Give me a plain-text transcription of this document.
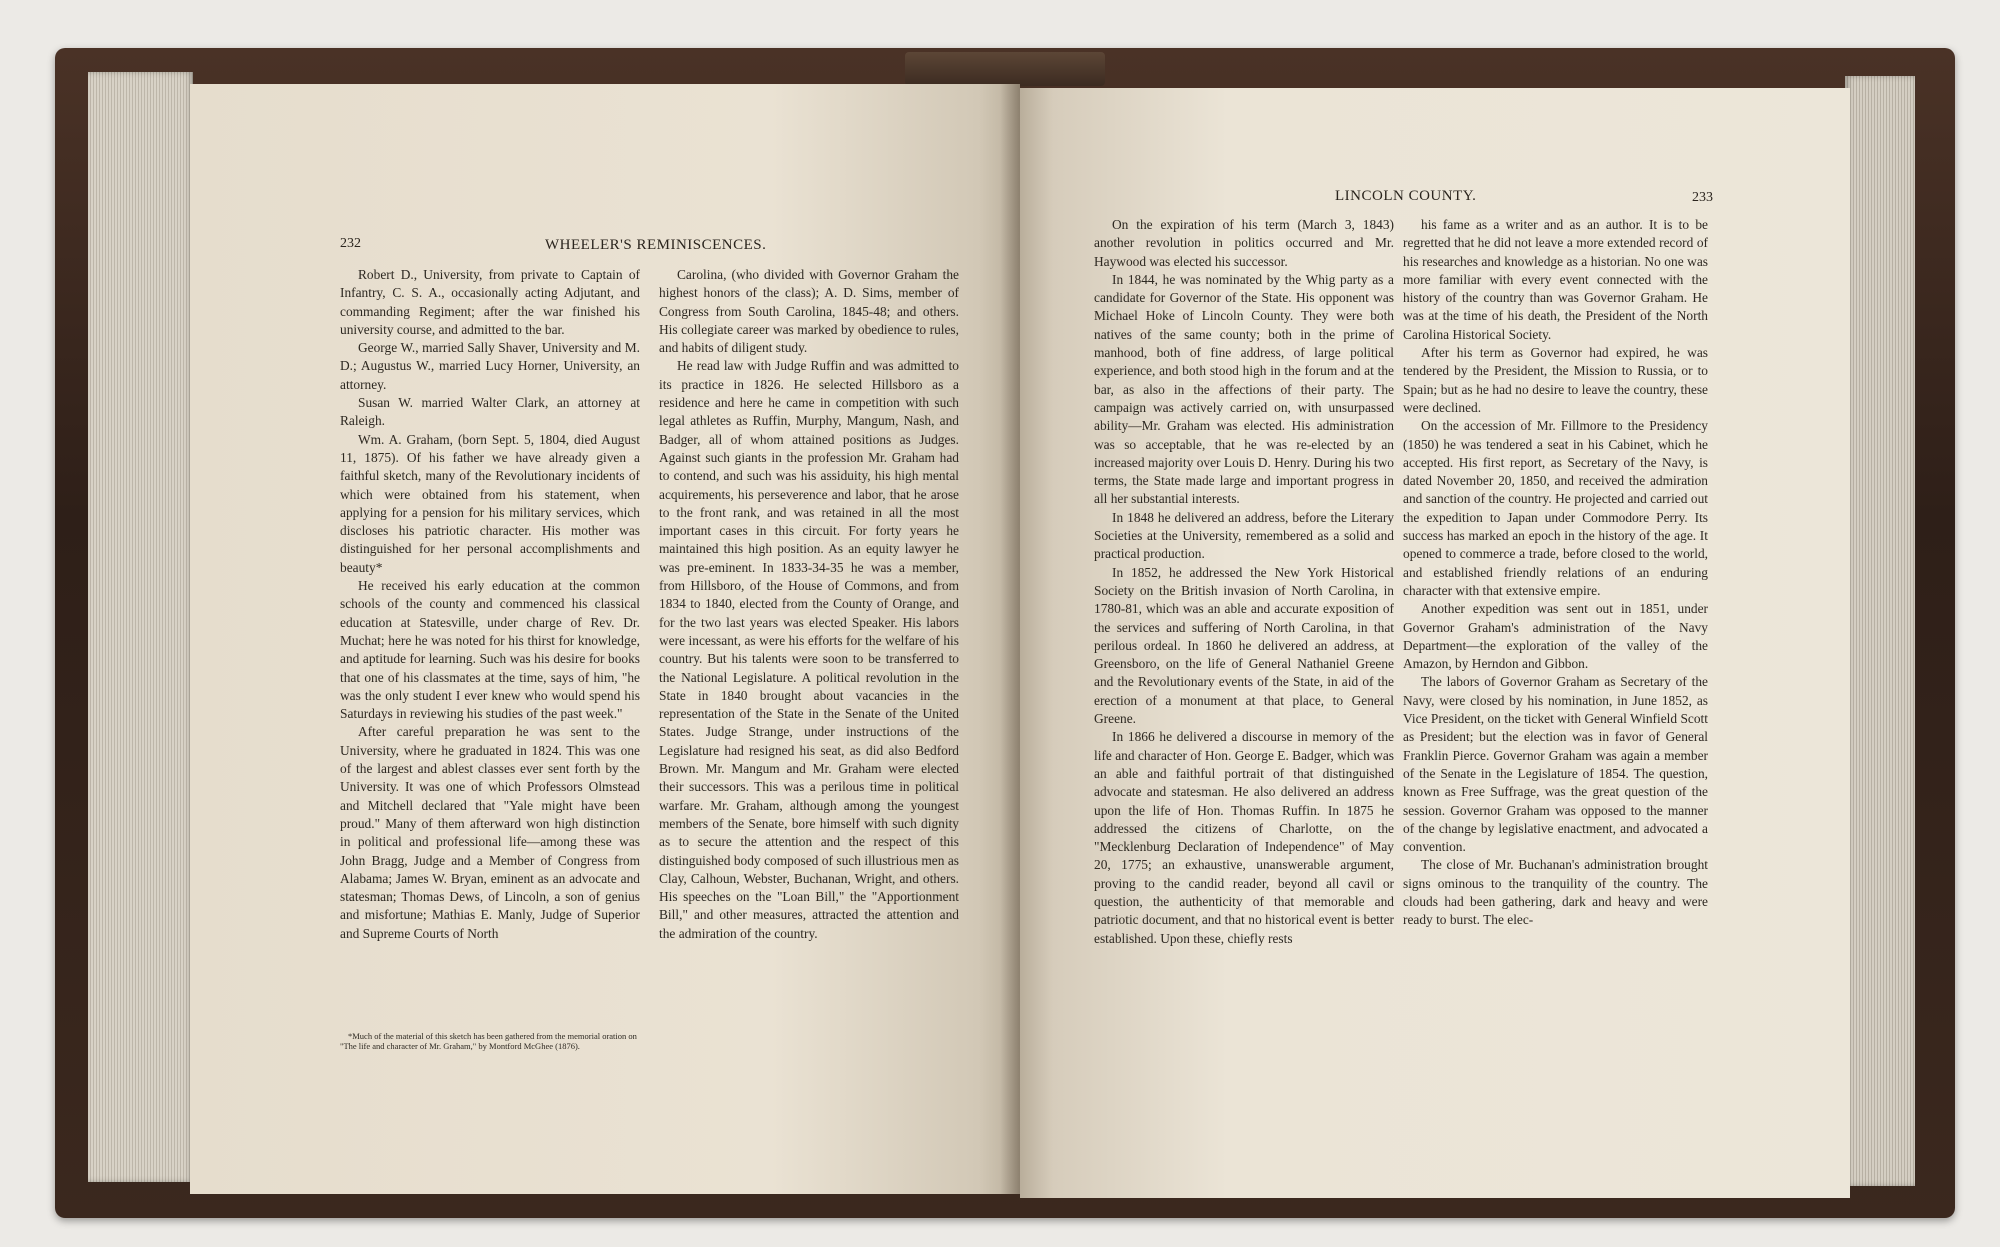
232	WHEELER'S REMINISCENCES.

Robert D., University, from private to Captain of Infantry, C. S. A., occasionally acting Adjutant, and commanding Regiment; after the war finished his university course, and admitted to the bar.

George W., married Sally Shaver, University and M. D.; Augustus W., married Lucy Horner, University, an attorney.

Susan W. married Walter Clark, an attorney at Raleigh.

Wm. A. Graham, (born Sept. 5, 1804, died August 11, 1875). Of his father we have already given a faithful sketch, many of the Revolutionary incidents of which were obtained from his statement, when applying for a pension for his military services, which discloses his patriotic character. His mother was distinguished for her personal accomplishments and beauty*

He received his early education at the common schools of the county and commenced his classical education at Statesville, under charge of Rev. Dr. Muchat; here he was noted for his thirst for knowledge, and aptitude for learning. Such was his desire for books that one of his classmates at the time, says of him, "he was the only student I ever knew who would spend his Saturdays in reviewing his studies of the past week."

After careful preparation he was sent to the University, where he graduated in 1824. This was one of the largest and ablest classes ever sent forth by the University. It was one of which Professors Olmstead and Mitchell declared that "Yale might have been proud." Many of them afterward won high distinction in political and professional life—among these was John Bragg, Judge and a Member of Congress from Alabama; James W. Bryan, eminent as an advocate and statesman; Thomas Dews, of Lincoln, a son of genius and misfortune; Mathias E. Manly, Judge of Superior and Supreme Courts of North

*Much of the material of this sketch has been gathered from the memorial oration on "The life and character of Mr. Graham," by Montford McGhee (1876).

Carolina, (who divided with Governor Graham the highest honors of the class); A. D. Sims, member of Congress from South Carolina, 1845-48; and others. His collegiate career was marked by obedience to rules, and habits of diligent study.

He read law with Judge Ruffin and was admitted to its practice in 1826. He selected Hillsboro as a residence and here he came in competition with such legal athletes as Ruffin, Murphy, Mangum, Nash, and Badger, all of whom attained positions as Judges. Against such giants in the profession Mr. Graham had to contend, and such was his assiduity, his high mental acquirements, his perseverence and labor, that he arose to the front rank, and was retained in all the most important cases in this circuit. For forty years he maintained this high position. As an equity lawyer he was pre-eminent. In 1833-34-35 he was a member, from Hillsboro, of the House of Commons, and from 1834 to 1840, elected from the County of Orange, and for the two last years was elected Speaker. His labors were incessant, as were his efforts for the welfare of his country. But his talents were soon to be transferred to the National Legislature. A political revolution in the State in 1840 brought about vacancies in the representation of the State in the Senate of the United States. Judge Strange, under instructions of the Legislature had resigned his seat, as did also Bedford Brown. Mr. Mangum and Mr. Graham were elected their successors. This was a perilous time in political warfare. Mr. Graham, although among the youngest members of the Senate, bore himself with such dignity as to secure the attention and the respect of this distinguished body composed of such illustrious men as Clay, Calhoun, Webster, Buchanan, Wright, and others. His speeches on the "Loan Bill," the "Apportionment Bill," and other measures, attracted the attention and the admiration of the country.

LINCOLN COUNTY.	233

On the expiration of his term (March 3, 1843) another revolution in politics occurred and Mr. Haywood was elected his successor.

In 1844, he was nominated by the Whig party as a candidate for Governor of the State. His opponent was Michael Hoke of Lincoln County. They were both natives of the same county; both in the prime of manhood, both of fine address, of large political experience, and both stood high in the forum and at the bar, as also in the affections of their party. The campaign was actively carried on, with unsurpassed ability—Mr. Graham was elected. His administration was so acceptable, that he was re-elected by an increased majority over Louis D. Henry. During his two terms, the State made large and important progress in all her substantial interests.

In 1848 he delivered an address, before the Literary Societies at the University, remembered as a solid and practical production.

In 1852, he addressed the New York Historical Society on the British invasion of North Carolina, in 1780-81, which was an able and accurate exposition of the services and suffering of North Carolina, in that perilous ordeal. In 1860 he delivered an address, at Greensboro, on the life of General Nathaniel Greene and the Revolutionary events of the State, in aid of the erection of a monument at that place, to General Greene.

In 1866 he delivered a discourse in memory of the life and character of Hon. George E. Badger, which was an able and faithful portrait of that distinguished advocate and statesman. He also delivered an address upon the life of Hon. Thomas Ruffin. In 1875 he addressed the citizens of Charlotte, on the "Mecklenburg Declaration of Independence" of May 20, 1775; an exhaustive, unanswerable argument, proving to the candid reader, beyond all cavil or question, the authenticity of that memorable and patriotic document, and that no historical event is better established. Upon these, chiefly rests

his fame as a writer and as an author. It is to be regretted that he did not leave a more extended record of his researches and knowledge as a historian. No one was more familiar with every event connected with the history of the country than was Governor Graham. He was at the time of his death, the President of the North Carolina Historical Society.

After his term as Governor had expired, he was tendered by the President, the Mission to Russia, or to Spain; but as he had no desire to leave the country, these were declined.

On the accession of Mr. Fillmore to the Presidency (1850) he was tendered a seat in his Cabinet, which he accepted. His first report, as Secretary of the Navy, is dated November 20, 1850, and received the admiration and sanction of the country. He projected and carried out the expedition to Japan under Commodore Perry. Its success has marked an epoch in the history of the age. It opened to commerce a trade, before closed to the world, and established friendly relations of an enduring character with that extensive empire.

Another expedition was sent out in 1851, under Governor Graham's administration of the Navy Department—the exploration of the valley of the Amazon, by Herndon and Gibbon.

The labors of Governor Graham as Secretary of the Navy, were closed by his nomination, in June 1852, as Vice President, on the ticket with General Winfield Scott as President; but the election was in favor of General Franklin Pierce. Governor Graham was again a member of the Senate in the Legislature of 1854. The question, known as Free Suffrage, was the great question of the session. Governor Graham was opposed to the manner of the change by legislative enactment, and advocated a convention.

The close of Mr. Buchanan's administration brought signs ominous to the tranquility of the country. The clouds had been gathering, dark and heavy and were ready to burst. The elec-
